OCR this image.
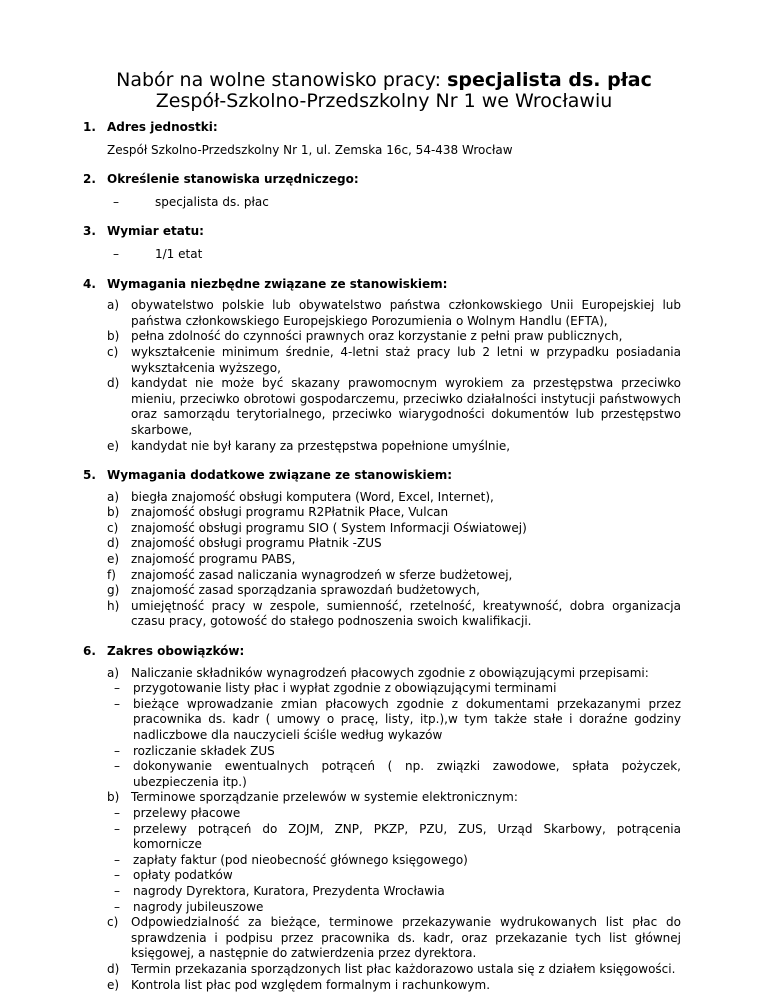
Nabór na wolne stanowisko pracy: specjalista ds. płac
Zespół-Szkolno-Przedszkolny Nr 1 we Wrocławiu
1. Adres jednostki:
Zespół Szkolno-Przedszkolny Nr 1, ul. Zemska 16c, 54-438 Wrocław
2. Określenie stanowiska urzędniczego:
–	specjalista ds. płac
3. Wymiar etatu:
–	1/1 etat
4. Wymagania niezbędne związane ze stanowiskiem:
a) obywatelstwo polskie lub obywatelstwo państwa członkowskiego Unii Europejskiej lub państwa członkowskiego Europejskiego Porozumienia o Wolnym Handlu (EFTA),
b) pełna zdolność do czynności prawnych oraz korzystanie z pełni praw publicznych,
c)	wykształcenie minimum średnie, 4-letni staż pracy lub 2 letni w przypadku posiadania wykształcenia wyższego,
d) kandydat nie może być skazany prawomocnym wyrokiem za przestępstwa przeciwko mieniu, przeciwko obrotowi gospodarczemu, przeciwko działalności instytucji państwowych oraz samorządu terytorialnego, przeciwko wiarygodności dokumentów lub przestępstwo skarbowe,
e) kandydat nie był karany za przestępstwa popełnione umyślnie,
5. Wymagania dodatkowe związane ze stanowiskiem:
a) biegła znajomość obsługi komputera (Word, Excel, Internet),
b) znajomość obsługi programu R2Płatnik Płace, Vulcan
c)	znajomość obsługi programu SIO ( System Informacji Oświatowej)
d) znajomość obsługi programu Płatnik -ZUS
e) znajomość programu PABS,
f)	znajomość zasad naliczania wynagrodzeń w sferze budżetowej,
g) znajomość zasad sporządzania sprawozdań budżetowych,
h) umiejętność pracy w zespole, sumienność, rzetelność, kreatywność, dobra organizacja czasu pracy, gotowość do stałego podnoszenia swoich kwalifikacji.
6. Zakres obowiązków:
a) Naliczanie składników wynagrodzeń płacowych zgodnie z obowiązującymi przepisami:
–	przygotowanie listy płac i wypłat zgodnie z obowiązującymi terminami
–	bieżące wprowadzanie zmian płacowych zgodnie z dokumentami przekazanymi przez pracownika ds. kadr ( umowy o pracę, listy, itp.),w tym także stałe i doraźne godziny nadliczbowe dla nauczycieli ściśle według wykazów
–	rozliczanie składek ZUS
–	dokonywanie ewentualnych potrąceń ( np. związki zawodowe, spłata pożyczek, ubezpieczenia itp.)
b) Terminowe sporządzanie przelewów w systemie elektronicznym:
–	przelewy płacowe
–	przelewy potrąceń do ZOJM, ZNP, PKZP, PZU, ZUS, Urząd Skarbowy, potrącenia komornicze
–	zapłaty faktur (pod nieobecność głównego księgowego)
–	opłaty podatków
–	nagrody Dyrektora, Kuratora, Prezydenta Wrocławia
–	nagrody jubileuszowe
c)	Odpowiedzialność za bieżące, terminowe przekazywanie wydrukowanych list płac do sprawdzenia i podpisu przez pracownika ds. kadr, oraz przekazanie tych list głównej księgowej, a następnie do zatwierdzenia przez dyrektora.
d) Termin przekazania sporządzonych list płac każdorazowo ustala się z działem księgowości.
e) Kontrola list płac pod względem formalnym i rachunkowym.
